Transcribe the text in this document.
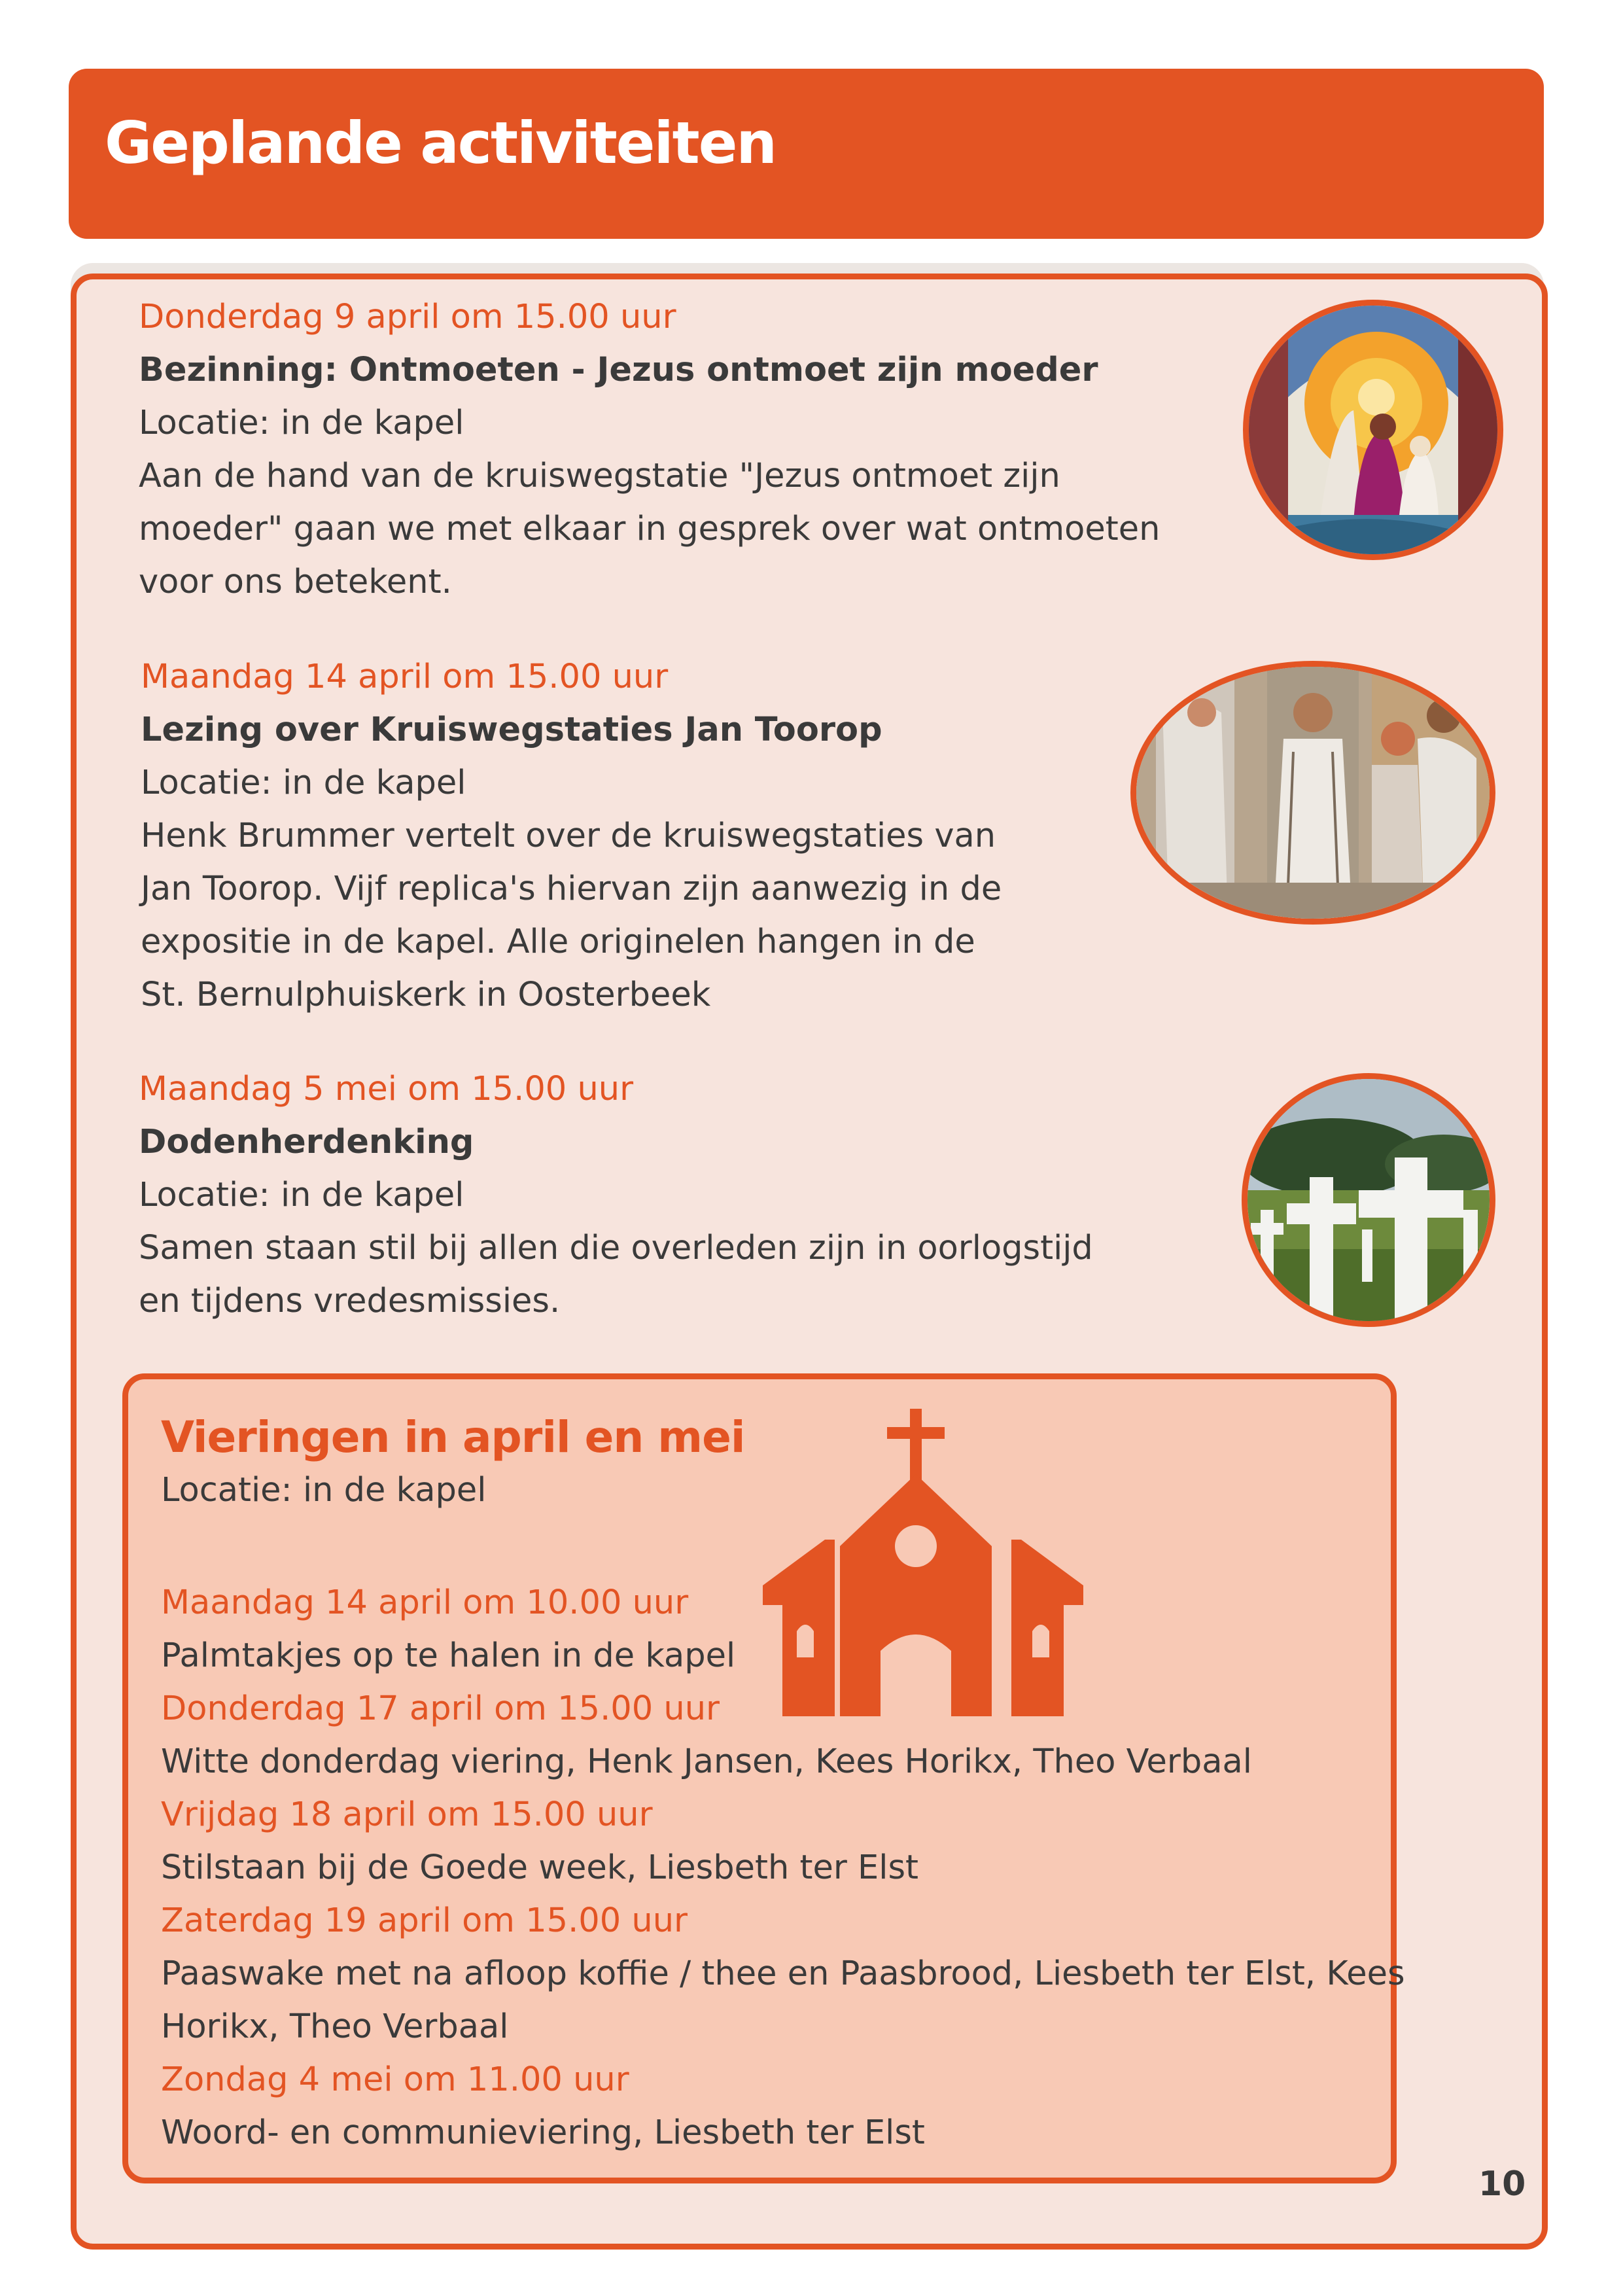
Geplande activiteiten
Donderdag 9 april om 15.00 uur
Bezinning: Ontmoeten - Jezus ontmoet zijn moeder
Locatie: in de kapel
Aan de hand van de kruiswegstatie "Jezus ontmoet zijn
moeder" gaan we met elkaar in gesprek over wat ontmoeten
voor ons betekent.
Maandag 14 april om 15.00 uur
Lezing over Kruiswegstaties Jan Toorop
Locatie: in de kapel
Henk Brummer vertelt over de kruiswegstaties van
Jan Toorop. Vijf replica's hiervan zijn aanwezig in de
expositie in de kapel. Alle originelen hangen in de
St. Bernulphuiskerk in Oosterbeek
Maandag 5 mei om 15.00 uur
Dodenherdenking
Locatie: in de kapel
Samen staan stil bij allen die overleden zijn in oorlogstijd
en tijdens vredesmissies.
Vieringen in april en mei
Locatie: in de kapel
Maandag 14 april om 10.00 uur
Palmtakjes op te halen in de kapel
Donderdag 17 april om 15.00 uur
Witte donderdag viering, Henk Jansen, Kees Horikx, Theo Verbaal
Vrijdag 18 april om 15.00 uur
Stilstaan bij de Goede week, Liesbeth ter Elst
Zaterdag 19 april om 15.00 uur
Paaswake met na afloop koffie / thee en Paasbrood, Liesbeth ter Elst, Kees
Horikx, Theo Verbaal
Zondag 4 mei om 11.00 uur
Woord- en communieviering, Liesbeth ter Elst
10
